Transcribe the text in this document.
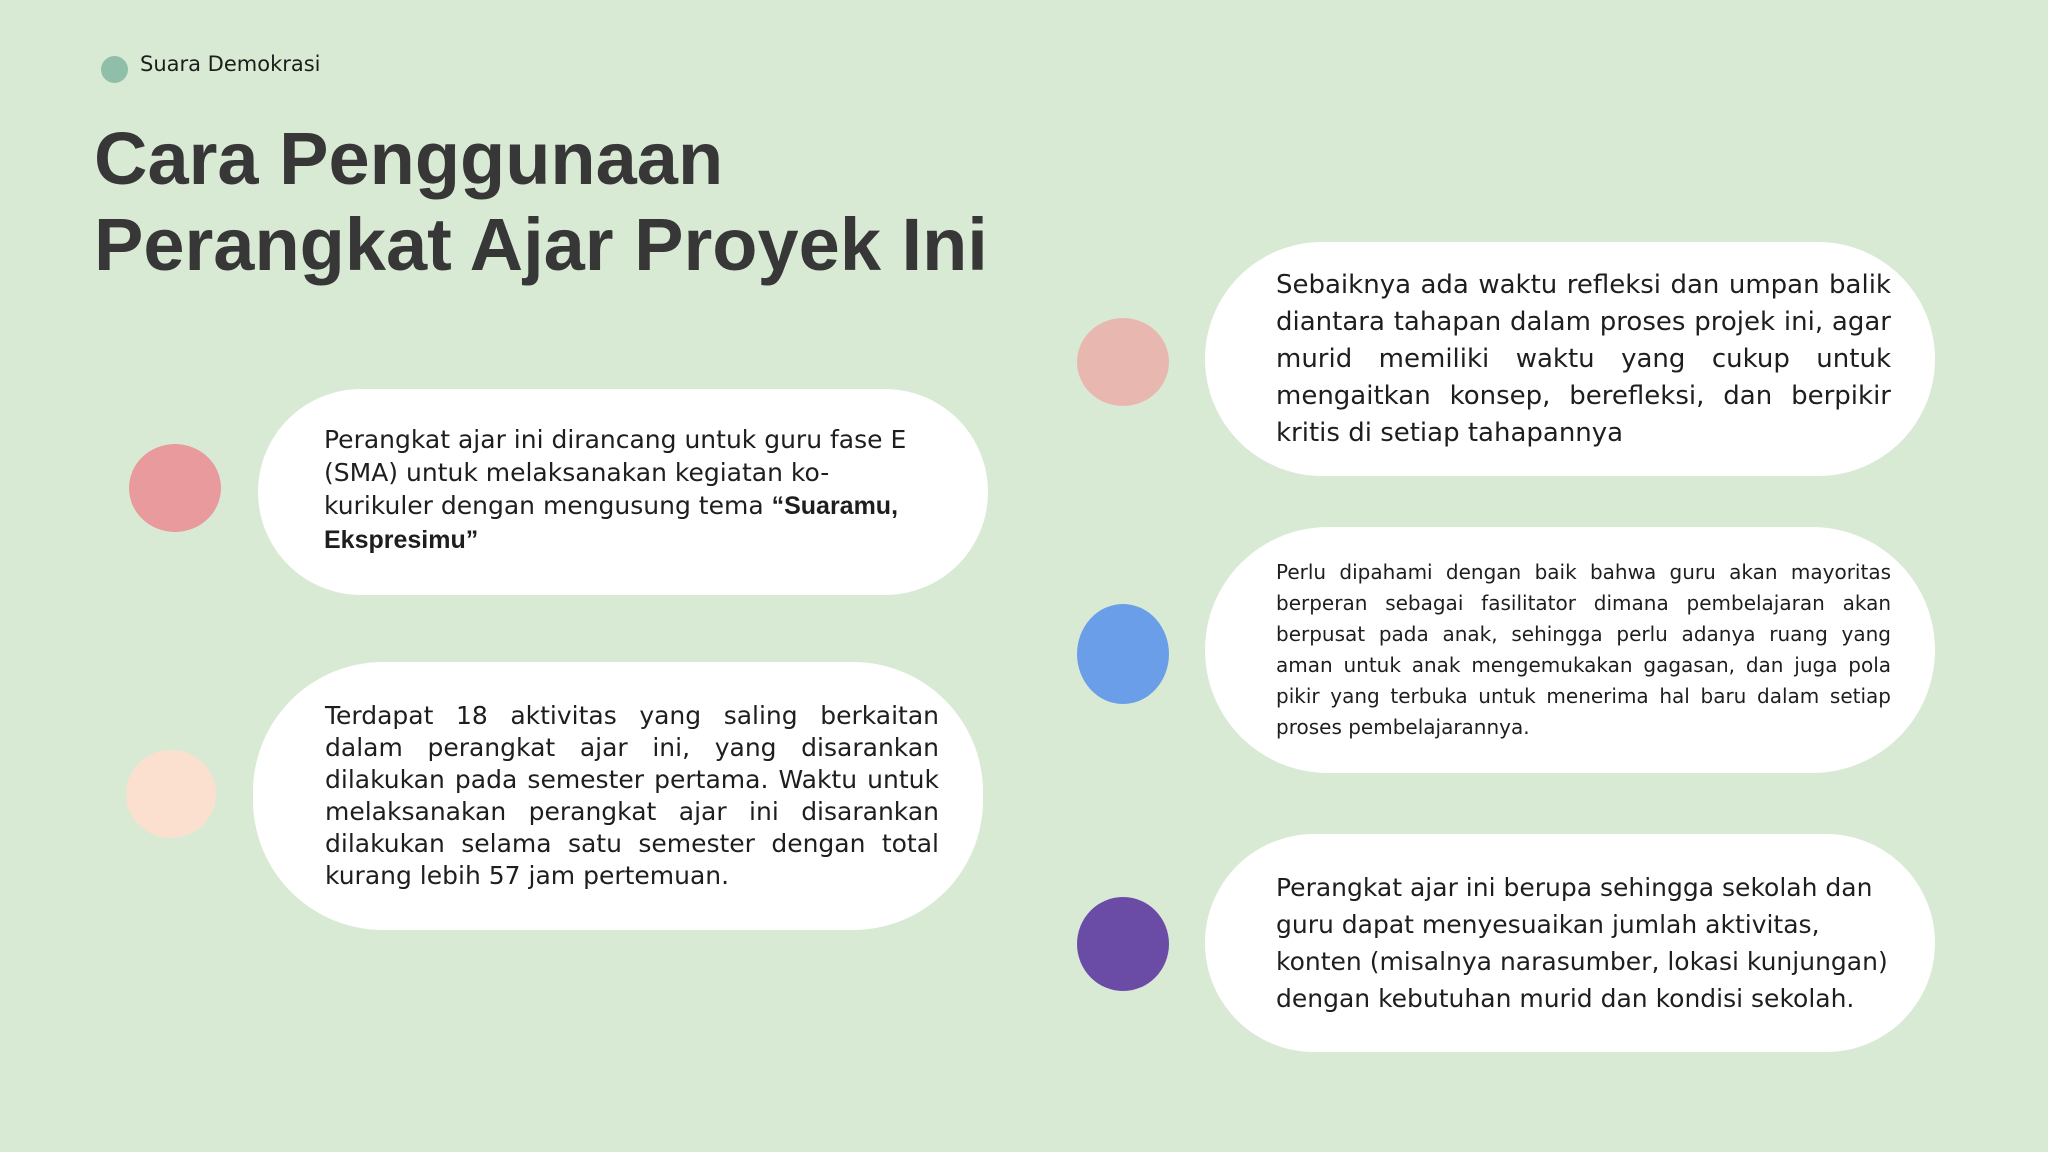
Suara Demokrasi
Cara Penggunaan
Perangkat Ajar Proyek Ini

Perangkat ajar ini dirancang untuk guru fase E (SMA) untuk melaksanakan kegiatan ko-kurikuler dengan mengusung tema “Suaramu, Ekspresimu”

Terdapat 18 aktivitas yang saling berkaitan dalam perangkat ajar ini, yang disarankan dilakukan pada semester pertama. Waktu untuk melaksanakan perangkat ajar ini disarankan dilakukan selama satu semester dengan total kurang lebih 57 jam pertemuan.

Sebaiknya ada waktu refleksi dan umpan balik diantara tahapan dalam proses projek ini, agar murid memiliki waktu yang cukup untuk mengaitkan konsep, berefleksi, dan berpikir kritis di setiap tahapannya

Perlu dipahami dengan baik bahwa guru akan mayoritas berperan sebagai fasilitator dimana pembelajaran akan berpusat pada anak, sehingga perlu adanya ruang yang aman untuk anak mengemukakan gagasan, dan juga pola pikir yang terbuka untuk menerima hal baru dalam setiap proses pembelajarannya.

Perangkat ajar ini berupa sehingga sekolah dan guru dapat menyesuaikan jumlah aktivitas, konten (misalnya narasumber, lokasi kunjungan) dengan kebutuhan murid dan kondisi sekolah.
